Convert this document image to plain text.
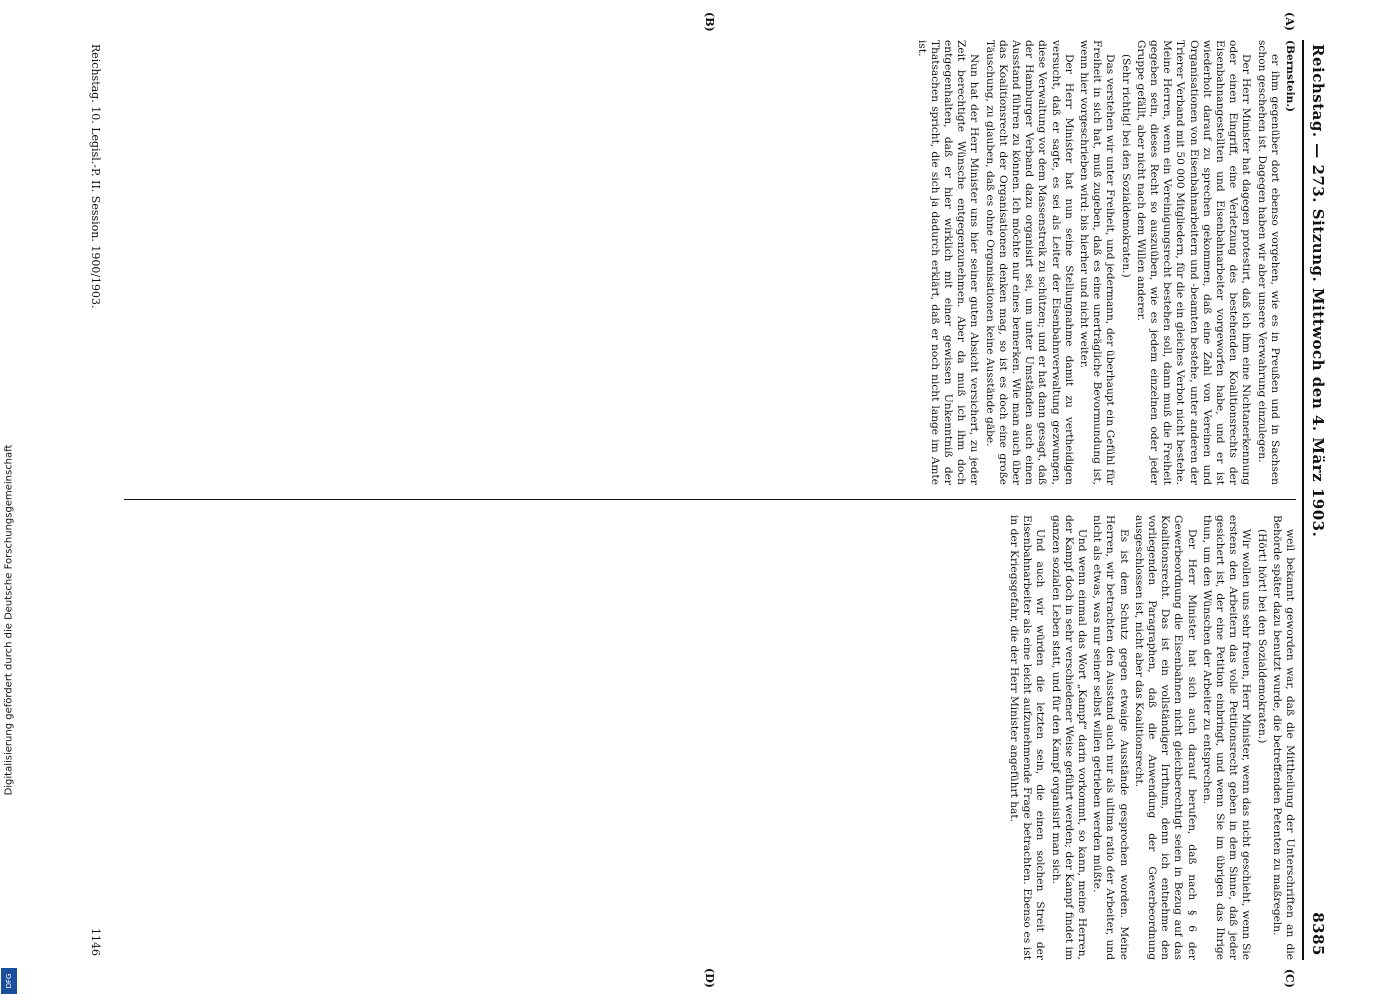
Reichstag. — 273. Sitzung. Mittwoch den 4. März 1903.
8385
(Bernstein.)

er ihm gegenüber dort ebenso vorgehen, wie es in Preußen und in Sachsen schon geschehen ist. Dagegen haben wir aber unsere Verwahrung einzulegen.

Der Herr Minister hat dagegen protestirt, daß ich ihm eine Nichtanerkennung oder einen Eingriff, eine Verletzung des bestehenden Koalitionsrechts der Eisenbahnangestellten und Eisenbahnarbeiter vorgeworfen habe, und er ist wiederholt darauf zu sprechen gekommen, daß eine Zahl von Vereinen und Organisationen von Eisenbahnarbeitern und -beamten bestehe, unter anderen der Trierer Verband mit 50 000 Mitgliedern, für die ein gleiches Verbot nicht bestehe. Meine Herren, wenn ein Vereinigungsrecht bestehen soll, dann muß die Freiheit gegeben sein, dieses Recht so auszuüben, wie es jedem einzelnen oder jeder Gruppe gefällt, aber nicht nach dem Willen anderer.

(Sehr richtig! bei den Sozialdemokraten.)

Das verstehen wir unter Freiheit, und jedermann, der überhaupt ein Gefühl für Freiheit in sich hat, muß zugeben, daß es eine unerträgliche Bevormundung ist, wenn hier vorgeschrieben wird: bis hierher und nicht weiter.

Der Herr Minister hat nun seine Stellungnahme damit zu vertheidigen versucht, daß er sagte, es sei als Leiter der Eisenbahnverwaltung gezwungen, diese Verwaltung vor dem Massenstreik zu schützen; und er hat dann gesagt, daß der Hamburger Verband dazu organisirt sei, um unter Umständen auch einen Ausstand führen zu können. Ich möchte nur eines bemerken. Wie man auch über das Koalitionsrecht der Organisationen denken mag, so ist es doch eine große Täuschung, zu glauben, daß es ohne Organisationen keine Ausstände gäbe.

Nun hat der Herr Minister uns hier seiner guten Absicht versichert, zu jeder Zeit berechtigte Wünsche entgegenzunehmen. Aber da muß ich ihm doch entgegenhalten, daß er hier wirklich mit einer gewissen Unkenntniß der Thatsachen spricht, die sich ja dadurch erklärt, daß er noch nicht lange im Amte ist.

weil bekannt geworden war, daß die Mittheilung der Unterschriften an die Behörde später dazu benutzt wurde, die betreffenden Petenten zu maßregeln.

(Hört! hört! bei den Sozialdemokraten.)

Wir wollen uns sehr freuen, Herr Minister, wenn das nicht geschieht, wenn Sie erstens den Arbeitern das volle Petitionsrecht geben in dem Sinne, daß jeder gesichert ist, der eine Petition einbringt, und wenn Sie im übrigen das Ihrige thun, um den Wünschen der Arbeiter zu entsprechen.

Der Herr Minister hat sich auch darauf berufen, daß nach § 6 der Gewerbeordnung die Eisenbahnen nicht gleichberechtigt seien in Bezug auf das Koalitionsrecht. Das ist ein vollständiger Irrthum, denn ich entnehme den vorliegenden Paragraphen, daß die Anwendung der Gewerbeordnung ausgeschlossen ist, nicht aber das Koalitionsrecht.

Es ist dem Schutz gegen etwaige Ausstände gesprochen worden. Meine Herren, wir betrachten den Ausstand auch nur als ultima ratio der Arbeiter, und nicht als etwas, was nur seiner selbst willen getrieben werden müßte.

Und wenn einmal das Wort „Kampf“ darin vorkommt, so kann, meine Herren, der Kampf doch in sehr verschiedener Weise geführt werden; der Kampf findet im ganzen sozialen Leben statt, und für den Kampf organisirt man sich.

Und auch wir würden die letzten sein, die einen solchen Streit der Eisenbahnarbeiter als eine leicht aufzunehmende Frage betrachten. Ebenso es ist in der Kriegsgefahr, die der Herr Minister angeführt hat.

(A)
(B)
(C)
(D)
Reichstag. 10. Legisl.-P. II. Session. 1900/1903.
1146
Digitalisierung gefördert durch die Deutsche Forschungsgemeinschaft
DFG
